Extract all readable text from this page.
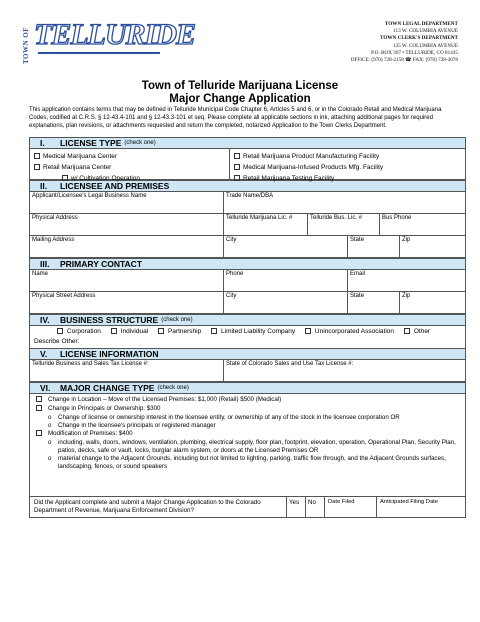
TOWN OF TELLURIDE	TOWN LEGAL DEPARTMENT
113 W. COLUMBIA AVENUE
TOWN CLERK'S DEPARTMENT
135 W. COLUMBIA AVENUE
P.O. BOX 397 • TELLURIDE, CO 81435
OFFICE: (970) 728-2158 ☎ FAX: (970) 728-3078
Town of Telluride Marijuana License
Major Change Application
This application contains terms that may be defined in Telluride Municipal Code Chapter 6, Articles 5 and 6, or in the Colorado Retail and Medical Marijuana Codes, codified at C.R.S. § 12-43.4-101 and § 12-43.3-101 et seq. Please complete all applicable sections in ink, attaching additional pages for required explanations, plan revisions, or attachments requested and return the completed, notarized Application to the Town Clerks Department.
I.	LICENSE TYPE (check one)
Medical Marijuana Center
Retail Marijuana Center
w/ Cultivation Operation
Retail Marijuana Product Manufacturing Facility
Medical Marijuana-Infused Products Mfg. Facility
Retail Marijuana Testing Facility
II.	LICENSEE AND PREMISES
Applicant/Licensee's Legal Business Name	Trade Name/DBA
Physical Address	Telluride Marijuana Lic. #	Telluride Bus. Lic. #	Bus Phone
Mailing Address	City	State	Zip
III.	PRIMARY CONTACT
Name	Phone	Email
Physical Street Address	City	State	Zip
IV.	BUSINESS STRUCTURE (check one)
Corporation	Individual	Partnership	Limited Liability Company	Unincorporated Association	Other
Describe Other:
V.	LICENSE INFORMATION
Telluride Business and Sales Tax License #:	State of Colorado Sales and Use Tax License #:
VI.	MAJOR CHANGE TYPE (check one)
Change in Location – Move of the Licensed Premises: $1,000 (Retail) $500 (Medical)
Change in Principals or Ownership: $300
o	Change of license or ownership interest in the licensee entity, or ownership of any of the stock in the licensee corporation OR
o	Change in the licensee's principals or registered manager
Modification of Premises: $400
o	including, walls, doors, windows, ventilation, plumbing, electrical supply, floor plan, footprint, elevation, operation, Operational Plan, Security Plan, patios, decks, safe or vault, locks, burglar alarm system, or doors at the Licensed Premises OR
o	material change to the Adjacent Grounds, including but not limited to lighting, parking, traffic flow through, and the Adjacent Grounds surfaces, landscaping, fences, or sound speakers
Did the Applicant complete and submit a Major Change Application to the Colorado Department of Revenue, Marijuana Enforcement Division?
Yes	No	Date Filed	Anticipated Filing Date
